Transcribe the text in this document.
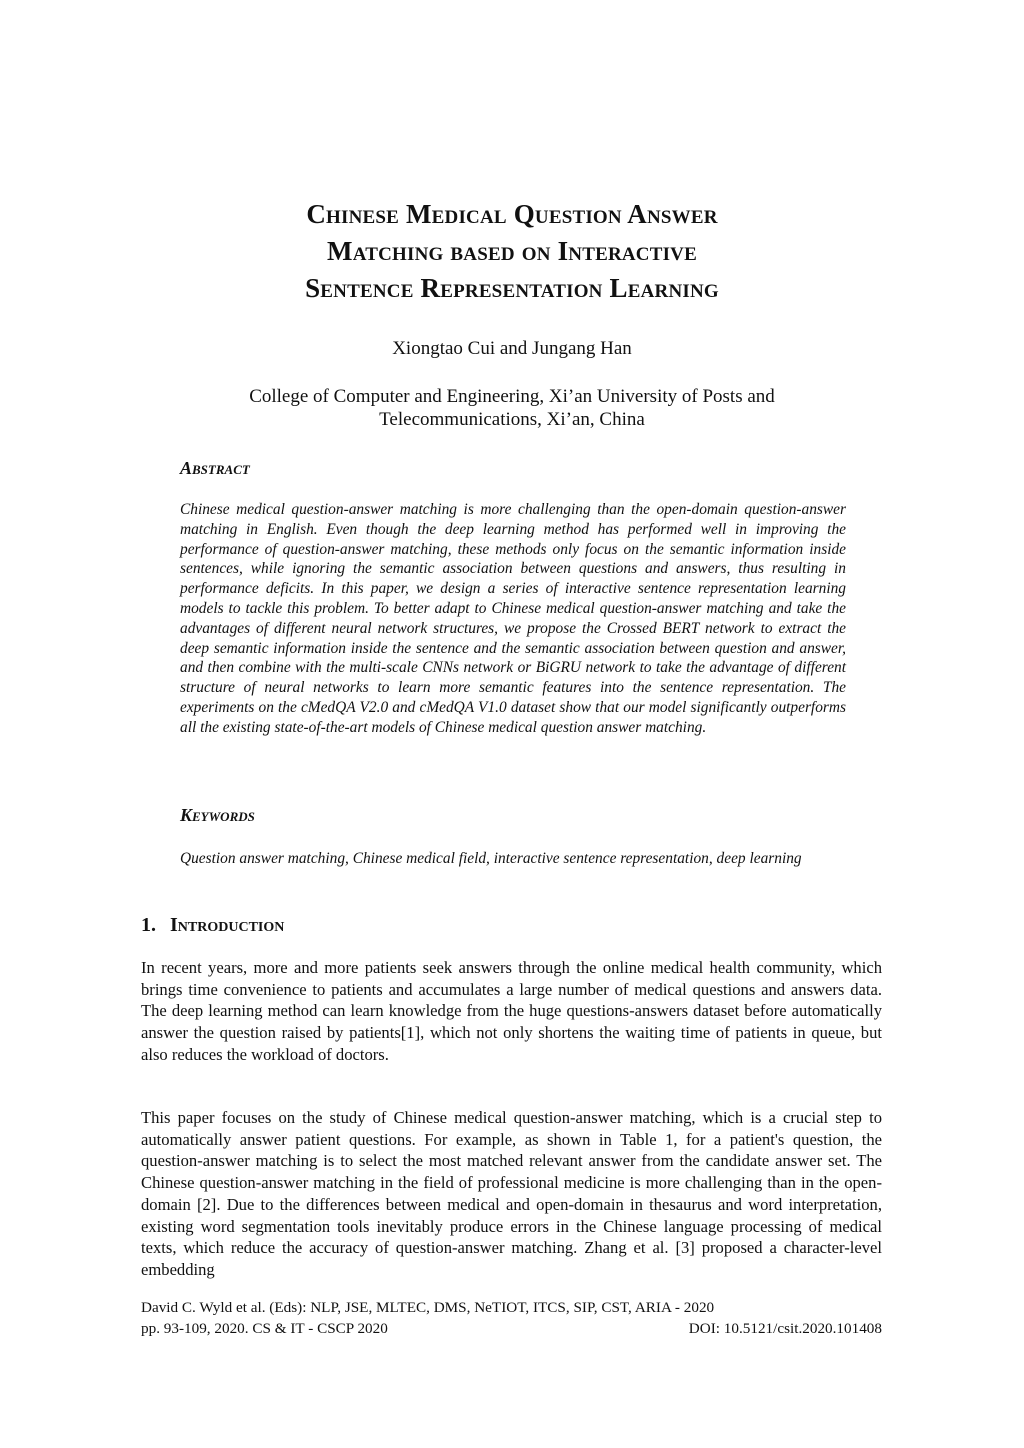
Chinese Medical Question Answer
Matching based on Interactive
Sentence Representation Learning
Xiongtao Cui and Jungang Han
College of Computer and Engineering, Xi’an University of Posts and
Telecommunications, Xi’an, China
Abstract

Chinese medical question-answer matching is more challenging than the open-domain question-answer matching in English. Even though the deep learning method has performed well in improving the performance of question-answer matching, these methods only focus on the semantic information inside sentences, while ignoring the semantic association between questions and answers, thus resulting in performance deficits. In this paper, we design a series of interactive sentence representation learning models to tackle this problem. To better adapt to Chinese medical question-answer matching and take the advantages of different neural network structures, we propose the Crossed BERT network to extract the deep semantic information inside the sentence and the semantic association between question and answer, and then combine with the multi-scale CNNs network or BiGRU network to take the advantage of different structure of neural networks to learn more semantic features into the sentence representation. The experiments on the cMedQA V2.0 and cMedQA V1.0 dataset show that our model significantly outperforms all the existing state-of-the-art models of Chinese medical question answer matching.

Keywords

Question answer matching, Chinese medical field, interactive sentence representation, deep learning

1. Introduction

In recent years, more and more patients seek answers through the online medical health community, which brings time convenience to patients and accumulates a large number of medical questions and answers data. The deep learning method can learn knowledge from the huge questions-answers dataset before automatically answer the question raised by patients[1], which not only shortens the waiting time of patients in queue, but also reduces the workload of doctors.

This paper focuses on the study of Chinese medical question-answer matching, which is a crucial step to automatically answer patient questions. For example, as shown in Table 1, for a patient's question, the question-answer matching is to select the most matched relevant answer from the candidate answer set. The Chinese question-answer matching in the field of professional medicine is more challenging than in the open-domain [2]. Due to the differences between medical and open-domain in thesaurus and word interpretation, existing word segmentation tools inevitably produce errors in the Chinese language processing of medical texts, which reduce the accuracy of question-answer matching. Zhang et al. [3] proposed a character-level embedding

David C. Wyld et al. (Eds): NLP, JSE, MLTEC, DMS, NeTIOT, ITCS, SIP, CST, ARIA - 2020
pp. 93-109, 2020. CS & IT - CSCP 2020	DOI: 10.5121/csit.2020.101408
